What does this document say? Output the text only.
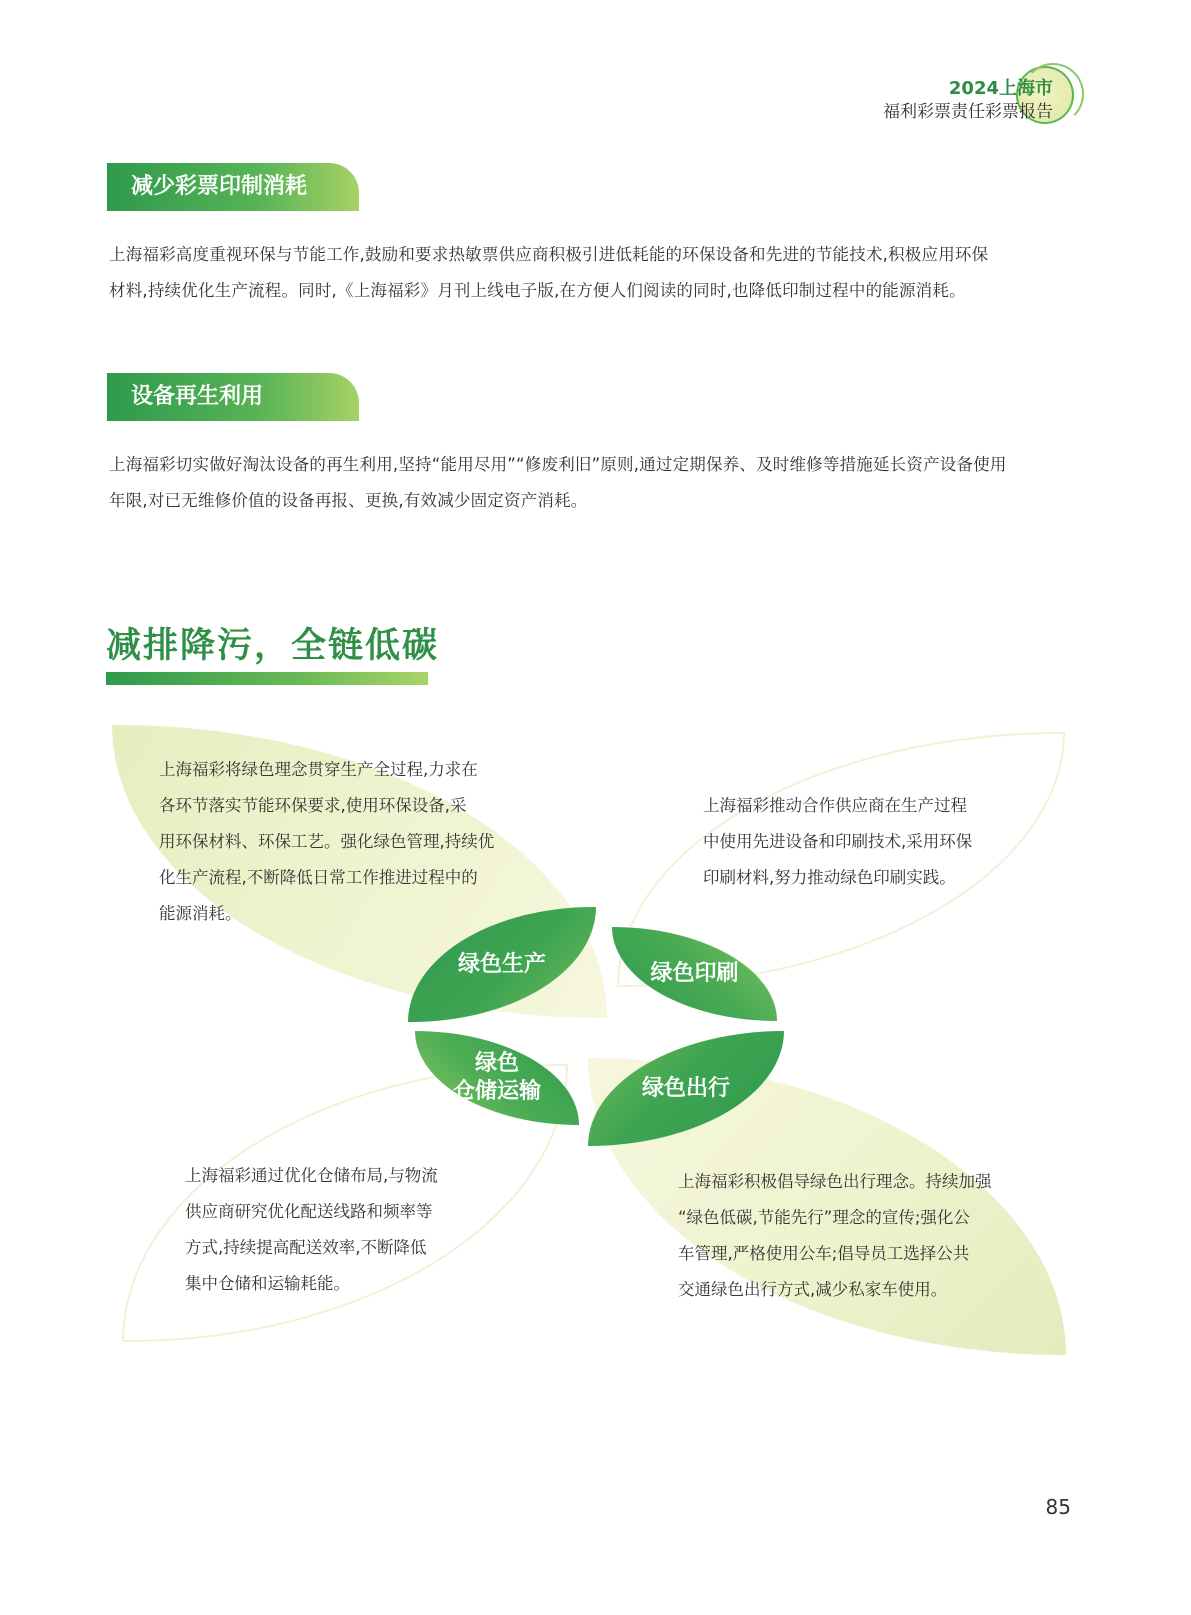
2024上海市
福利彩票责任彩票报告
减少彩票印制消耗
上海福彩高度重视环保与节能工作,鼓励和要求热敏票供应商积极引进低耗能的环保设备和先进的节能技术,积极应用环保
材料,持续优化生产流程。同时,《上海福彩》月刊上线电子版,在方便人们阅读的同时,也降低印制过程中的能源消耗。
设备再生利用
上海福彩切实做好淘汰设备的再生利用,坚持“能用尽用”“修废利旧”原则,通过定期保养、及时维修等措施延长资产设备使用
年限,对已无维修价值的设备再报、更换,有效减少固定资产消耗。
减排降污，全链低碳
上海福彩将绿色理念贯穿生产全过程,力求在
各环节落实节能环保要求,使用环保设备,采
用环保材料、环保工艺。强化绿色管理,持续优
化生产流程,不断降低日常工作推进过程中的
能源消耗。
上海福彩推动合作供应商在生产过程
中使用先进设备和印刷技术,采用环保
印刷材料,努力推动绿色印刷实践。
上海福彩通过优化仓储布局,与物流
供应商研究优化配送线路和频率等
方式,持续提高配送效率,不断降低
集中仓储和运输耗能。
上海福彩积极倡导绿色出行理念。持续加强
“绿色低碳,节能先行”理念的宣传;强化公
车管理,严格使用公车;倡导员工选择公共
交通绿色出行方式,减少私家车使用。
绿色生产	绿色印刷
绿色
仓储运输	绿色出行
85
